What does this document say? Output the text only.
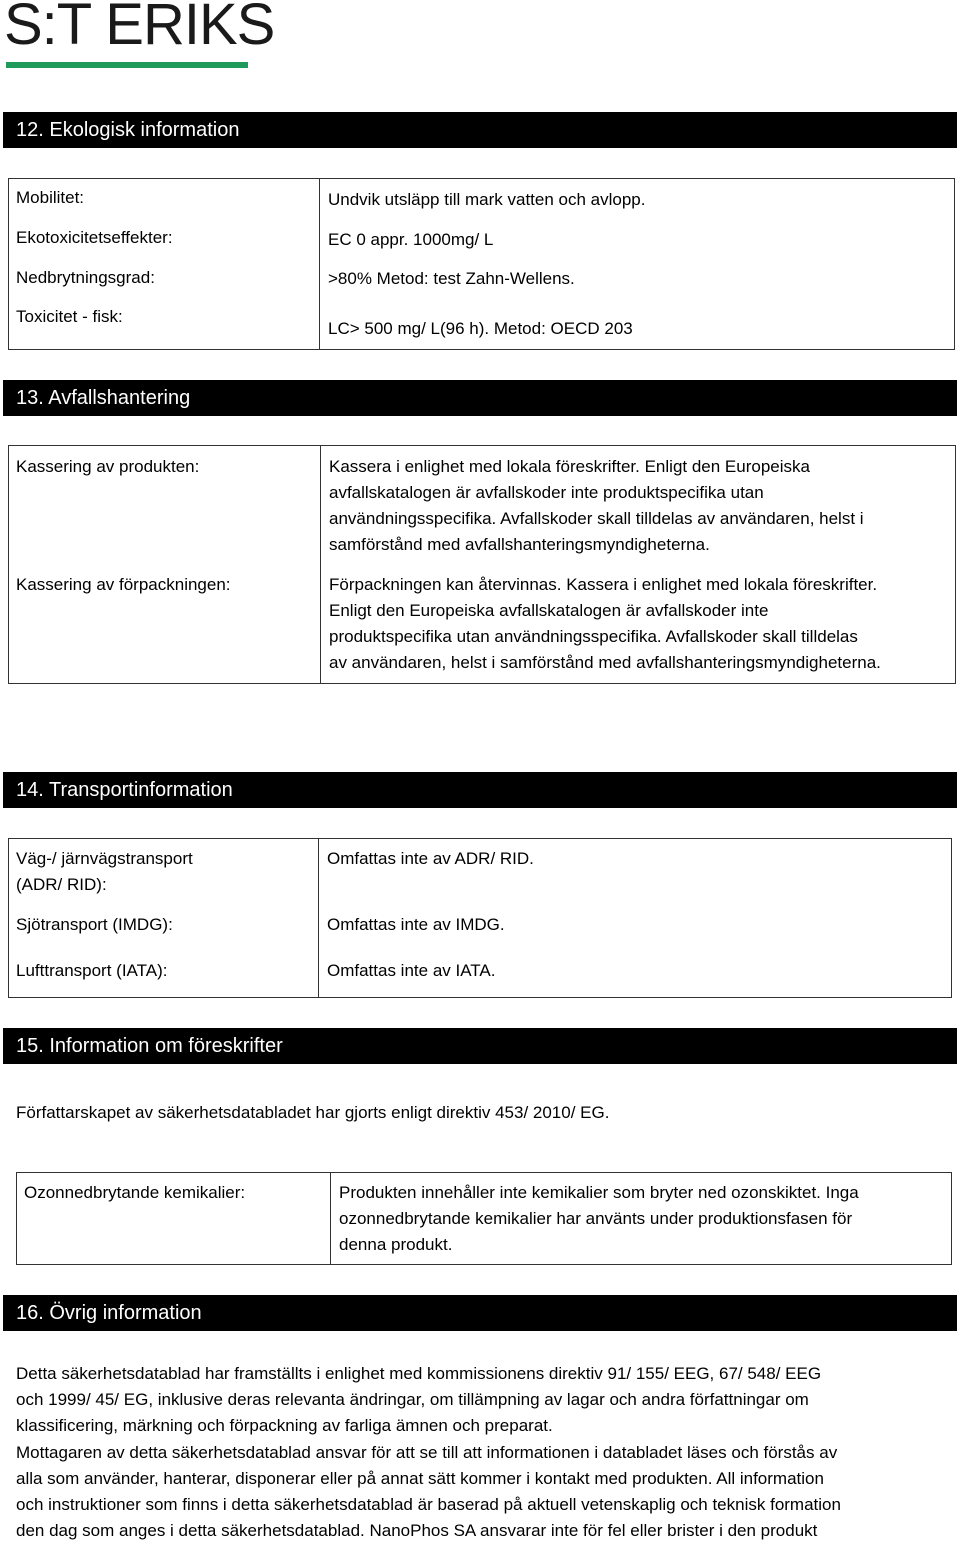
S:T ERIKS
12. Ekologisk information
Mobilitet:	Undvik utsläpp till mark vatten och avlopp.
Ekotoxicitetseffekter:	EC 0 appr. 1000mg/ L
Nedbrytningsgrad:	>80% Metod: test Zahn-Wellens.
Toxicitet - fisk:
LC> 500 mg/ L(96 h). Metod: OECD 203
13. Avfallshantering
Kassering av produkten:	Kassera i enlighet med lokala föreskrifter. Enligt den Europeiska
avfallskatalogen är avfallskoder inte produktspecifika utan
användningsspecifika. Avfallskoder skall tilldelas av användaren, helst i
samförstånd med avfallshanteringsmyndigheterna.
Kassering av förpackningen:	Förpackningen kan återvinnas. Kassera i enlighet med lokala föreskrifter.
Enligt den Europeiska avfallskatalogen är avfallskoder inte
produktspecifika utan användningsspecifika. Avfallskoder skall tilldelas
av användaren, helst i samförstånd med avfallshanteringsmyndigheterna.
14. Transportinformation
Väg-/ järnvägstransport
(ADR/ RID):
Omfattas inte av ADR/ RID.
Sjötransport (IMDG):	Omfattas inte av IMDG.
Lufttransport (IATA):	Omfattas inte av IATA.
15. Information om föreskrifter
Författarskapet av säkerhetsdatabladet har gjorts enligt direktiv 453/ 2010/ EG.
Ozonnedbrytande kemikalier:	Produkten innehåller inte kemikalier som bryter ned ozonskiktet. Inga
ozonnedbrytande kemikalier har använts under produktionsfasen för
denna produkt.
16. Övrig information
Detta säkerhetsdatablad har framställts i enlighet med kommissionens direktiv 91/ 155/ EEG, 67/ 548/ EEG
och 1999/ 45/ EG, inklusive deras relevanta ändringar, om tillämpning av lagar och andra författningar om
klassificering, märkning och förpackning av farliga ämnen och preparat.
Mottagaren av detta säkerhetsdatablad ansvar för att se till att informationen i databladet läses och förstås av
alla som använder, hanterar, disponerar eller på annat sätt kommer i kontakt med produkten. All information
och instruktioner som finns i detta säkerhetsdatablad är baserad på aktuell vetenskaplig och teknisk formation
den dag som anges i detta säkerhetsdatablad. NanoPhos SA ansvarar inte för fel eller brister i den produkt
